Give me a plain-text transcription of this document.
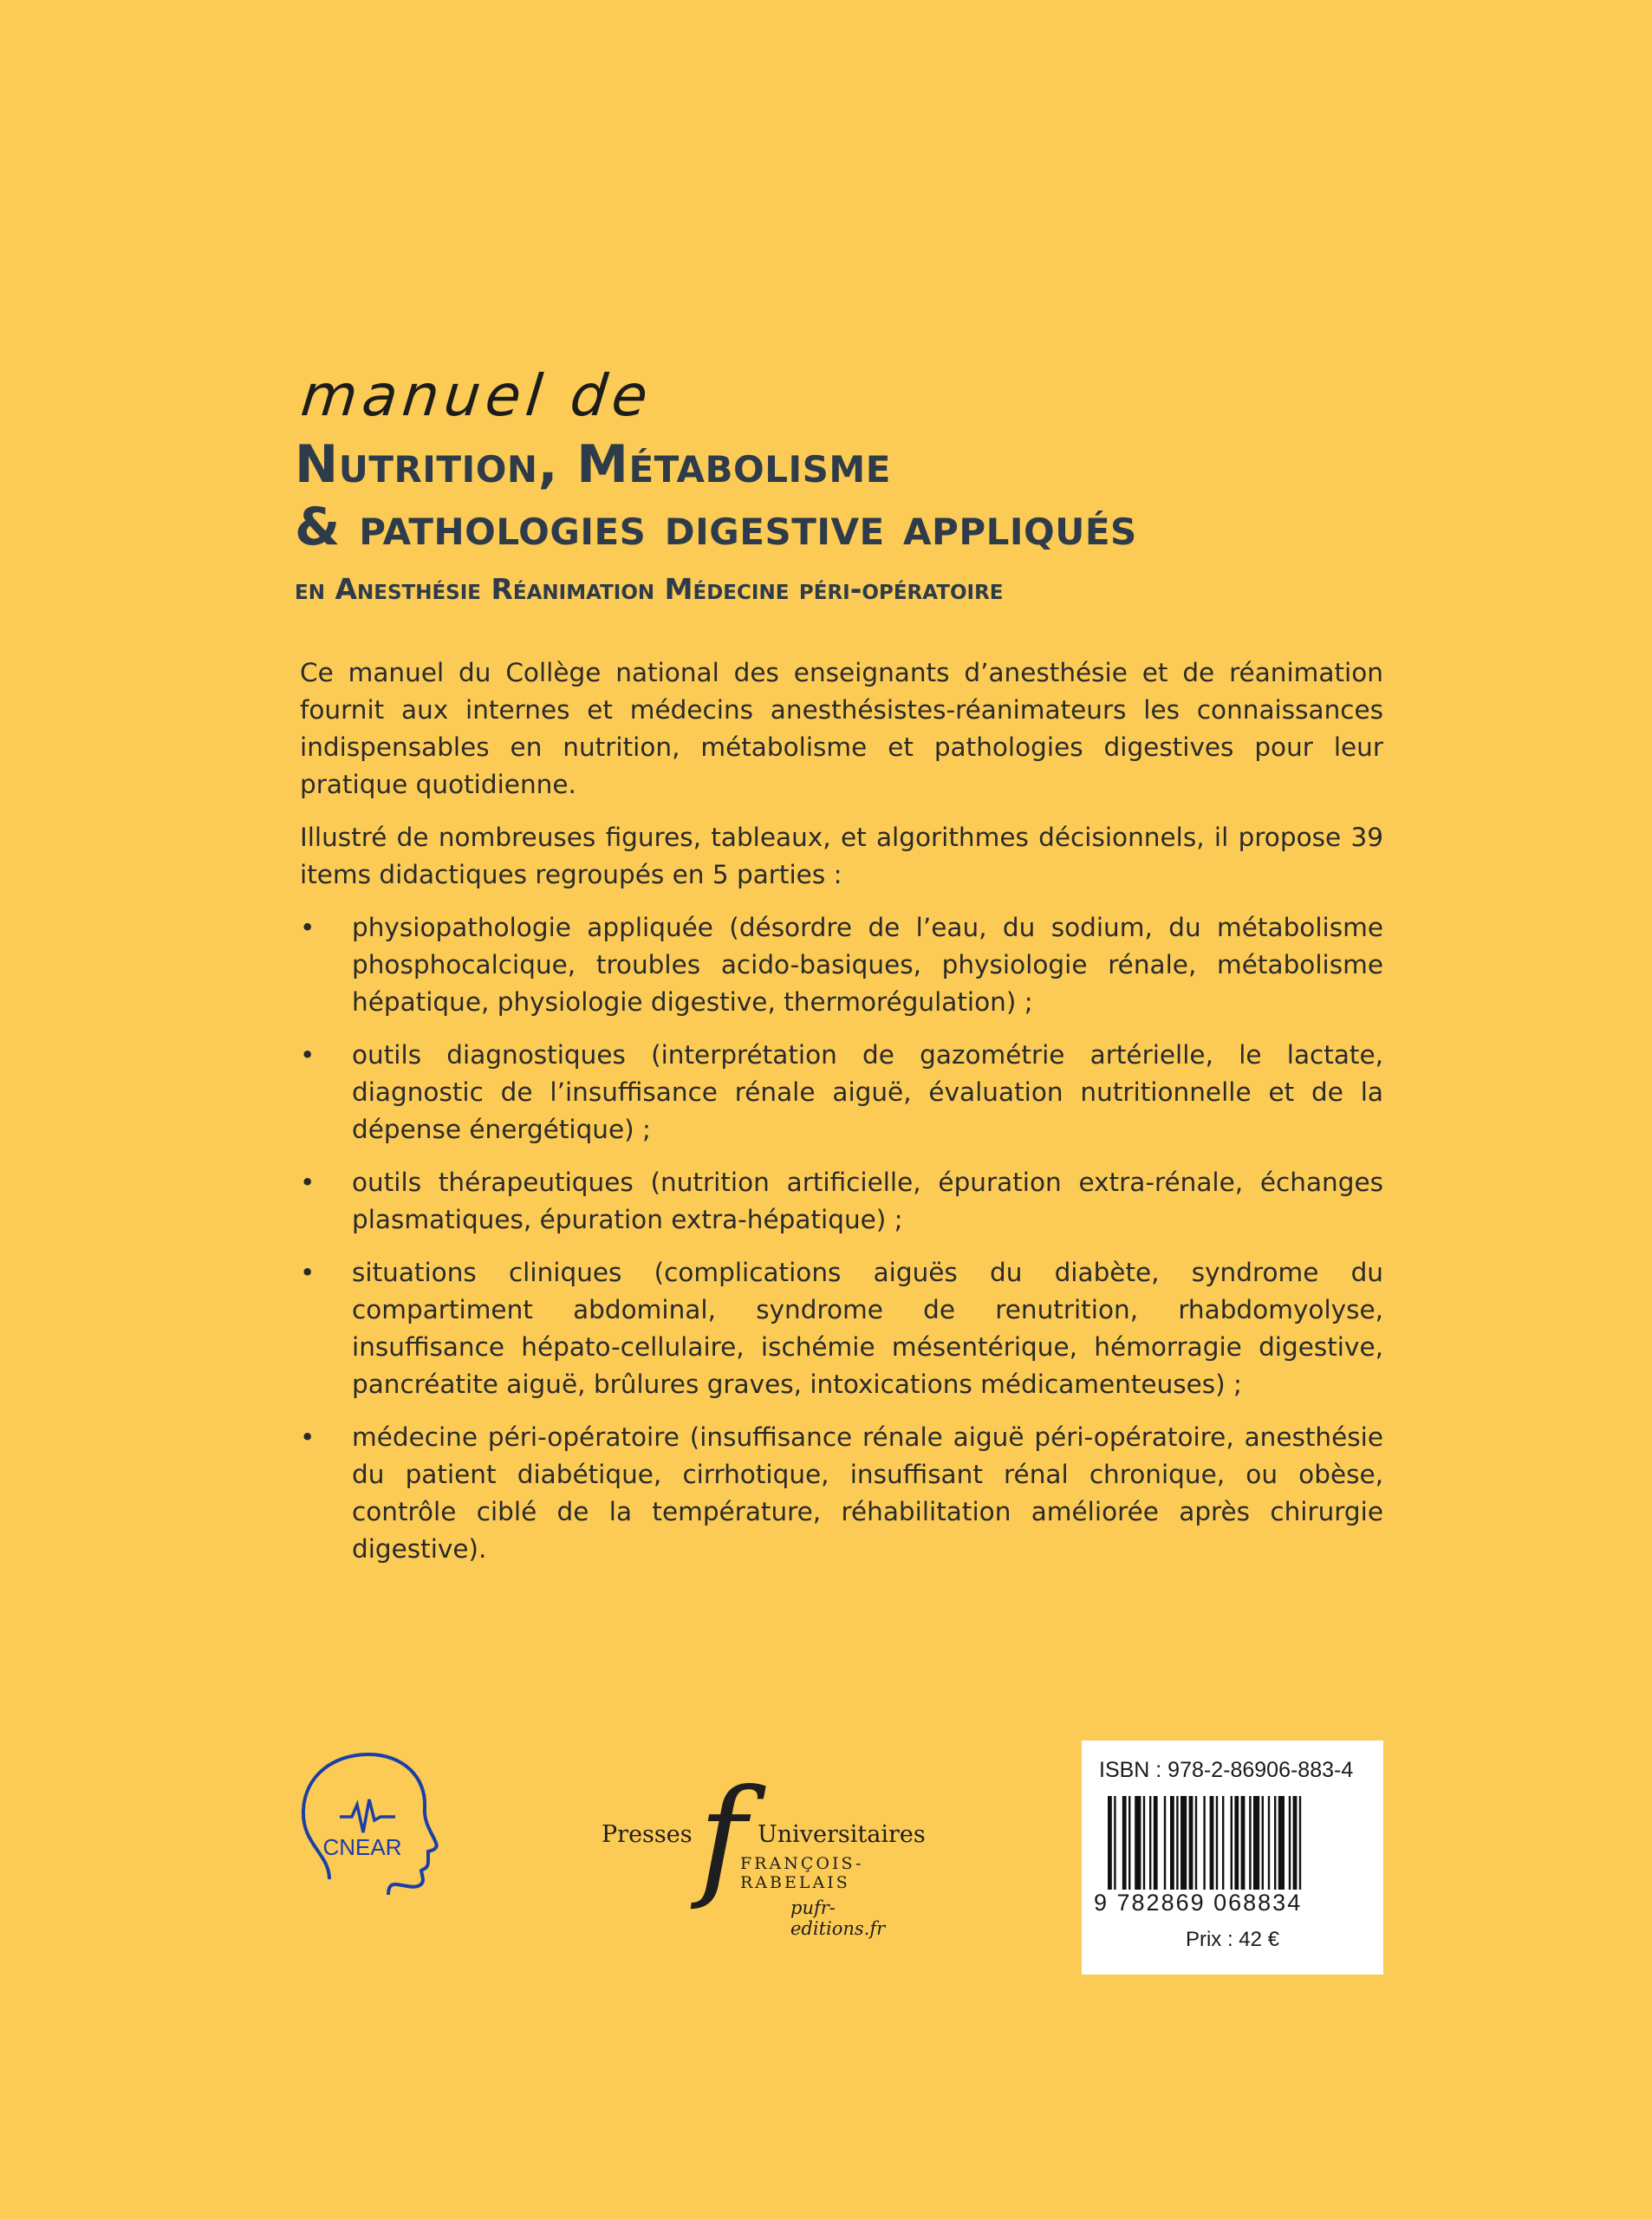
manuel de
Nutrition, Métabolisme
& pathologies digestive appliqués
en Anesthésie Réanimation Médecine péri-opératoire

Ce manuel du Collège national des enseignants d’anesthésie et de réanimation fournit aux internes et médecins anesthésistes-réanimateurs les connaissances indispensables en nutrition, métabolisme et pathologies digestives pour leur pratique quotidienne.

Illustré de nombreuses figures, tableaux, et algorithmes décisionnels, il propose 39 items didactiques regroupés en 5 parties :

• physiopathologie appliquée (désordre de l’eau, du sodium, du métabolisme phosphocalcique, troubles acido-basiques, physiologie rénale, métabolisme hépatique, physiologie digestive, thermorégulation) ;
• outils diagnostiques (interprétation de gazométrie artérielle, le lactate, diagnostic de l’insuffisance rénale aiguë, évaluation nutritionnelle et de la dépense énergétique) ;
• outils thérapeutiques (nutrition artificielle, épuration extra-rénale, échanges plasmatiques, épuration extra-hépatique) ;
• situations cliniques (complications aiguës du diabète, syndrome du compartiment abdominal, syndrome de renutrition, rhabdomyolyse, insuffisance hépato-cellulaire, ischémie mésentérique, hémorragie digestive, pancréatite aiguë, brûlures graves, intoxications médicamenteuses) ;
• médecine péri-opératoire (insuffisance rénale aiguë péri-opératoire, anesthésie du patient diabétique, cirrhotique, insuffisant rénal chronique, ou obèse, contrôle ciblé de la température, réhabilitation améliorée après chirurgie digestive).
CNEAR f
Presses	Universitaires
FRANÇOIS-RABELAIS
pufr-editions.fr
ISBN : 978-2-86906-883-4
9 782869 068834
Prix : 42 €
